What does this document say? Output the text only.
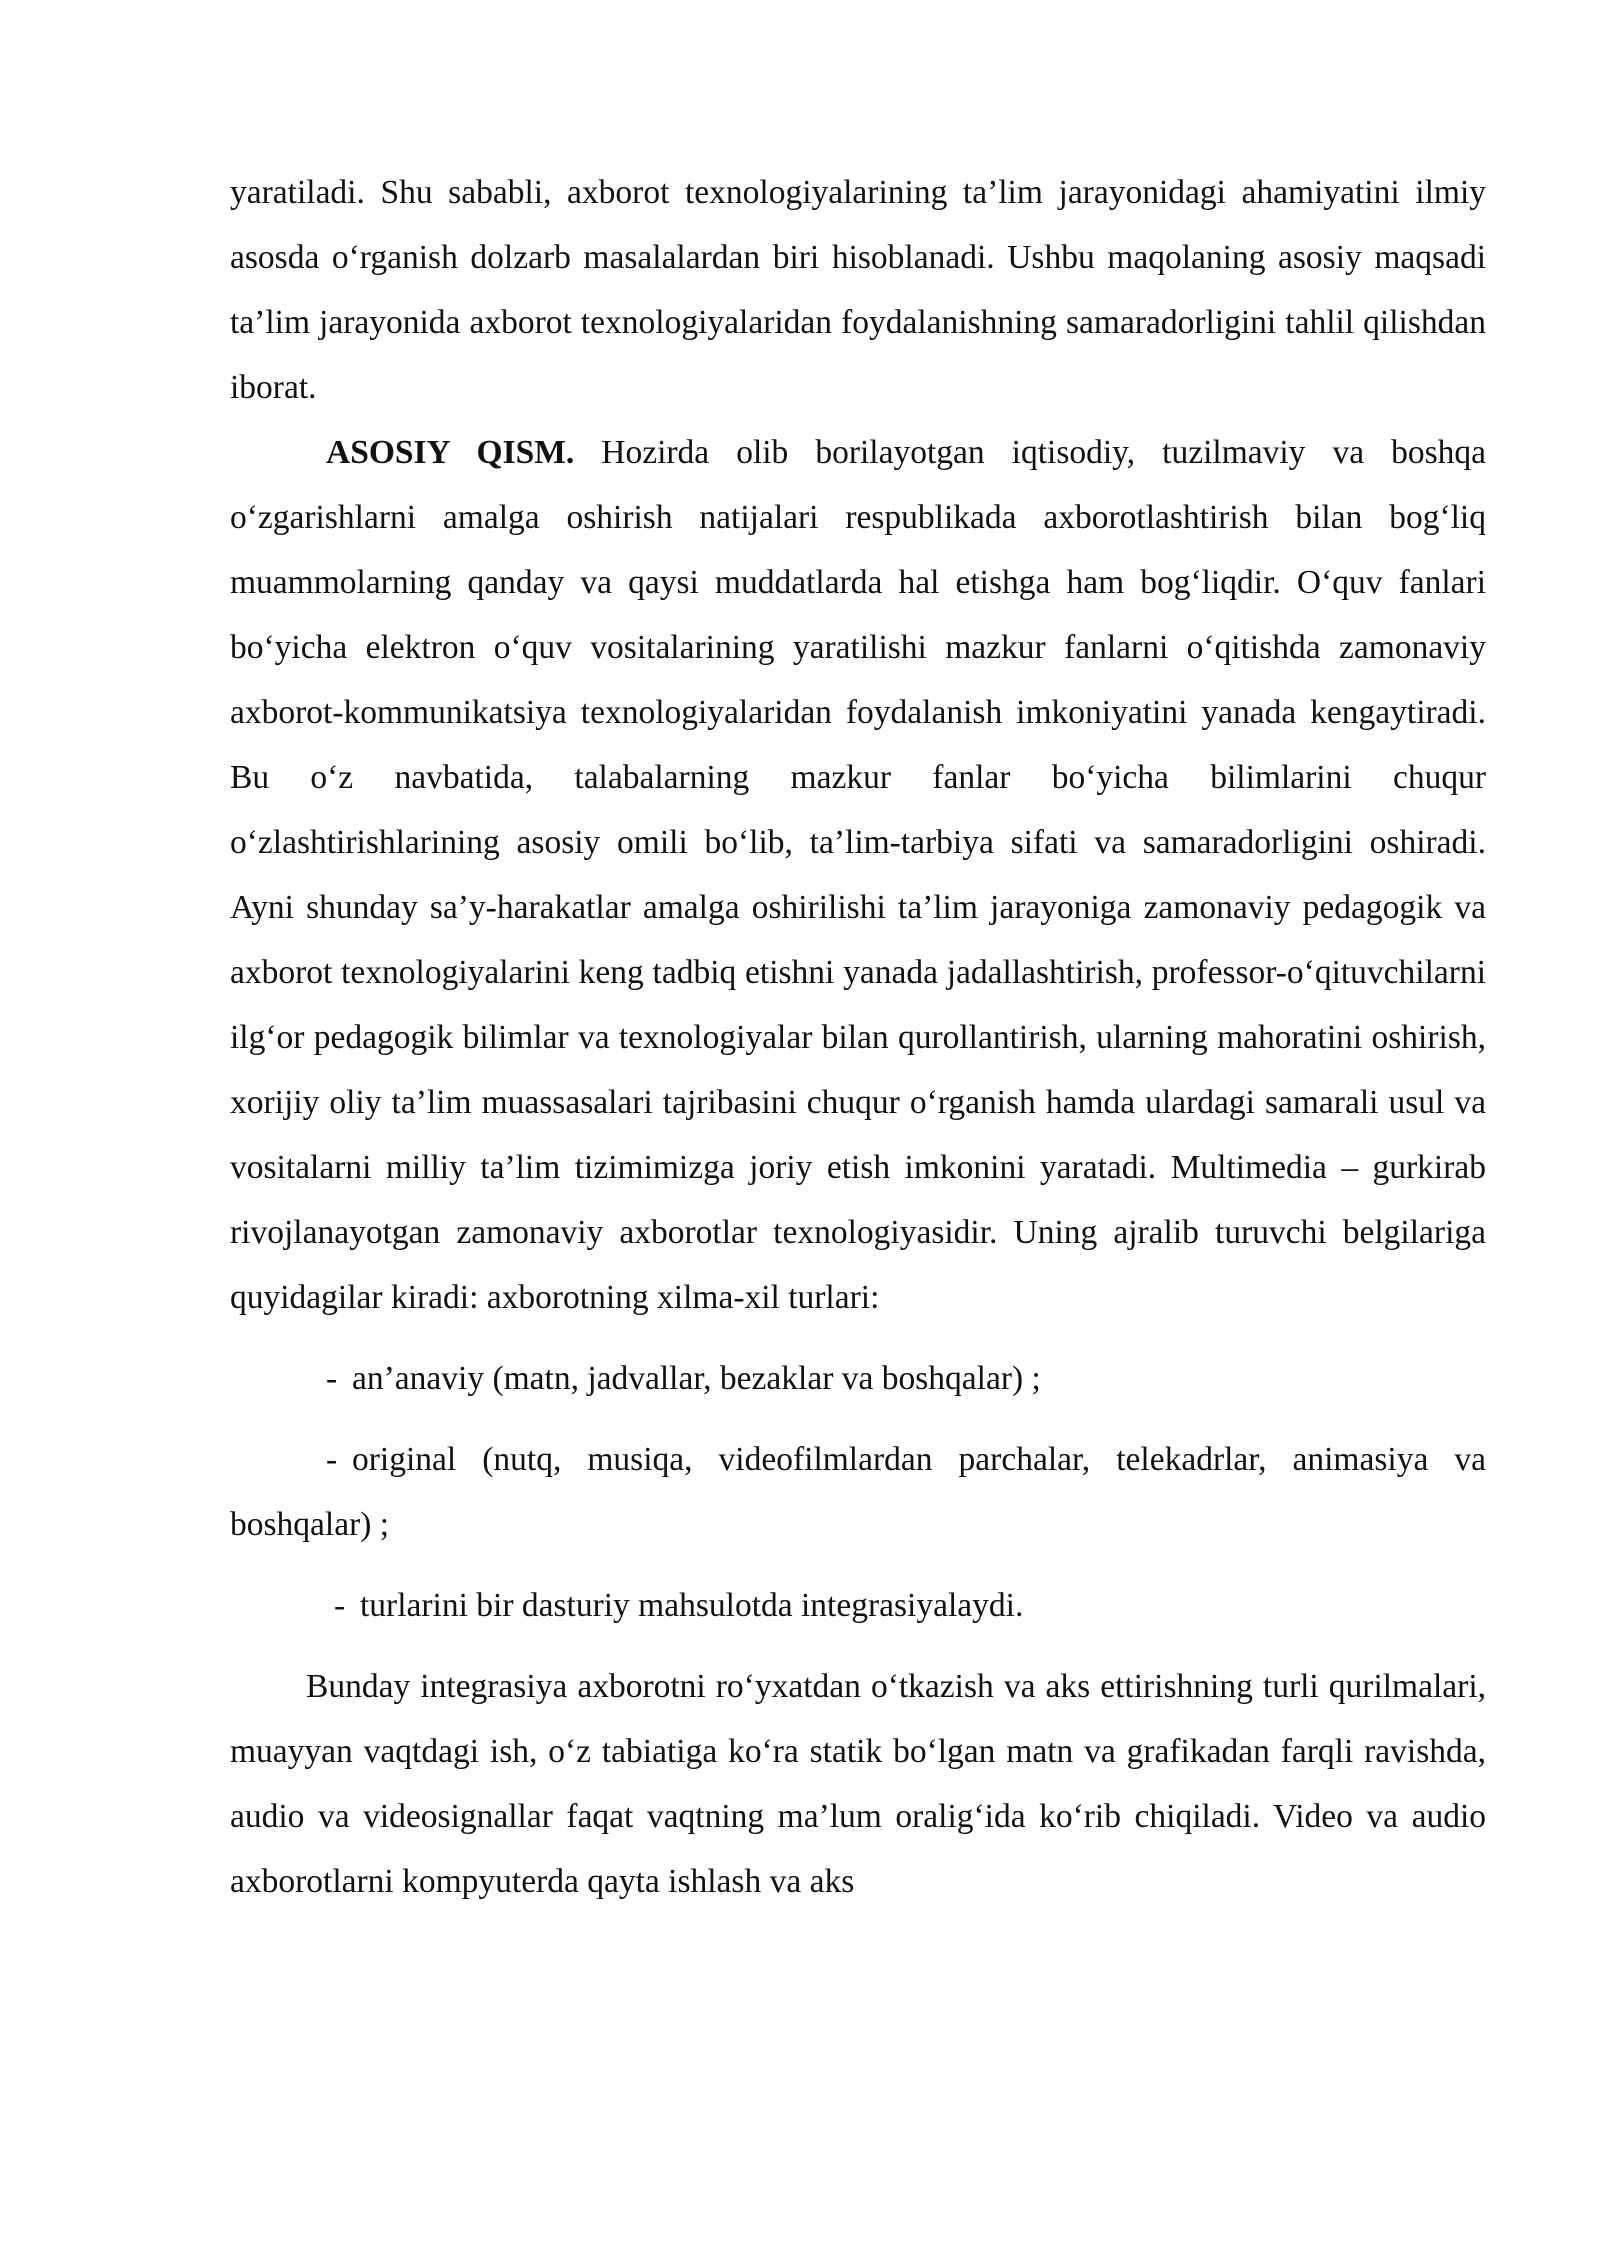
yaratiladi. Shu sababli, axborot texnologiyalarining ta’lim jarayonidagi ahamiyatini ilmiy asosda o‘rganish dolzarb masalalardan biri hisoblanadi. Ushbu maqolaning asosiy maqsadi ta’lim jarayonida axborot texnologiyalaridan foydalanishning samaradorligini tahlil qilishdan iborat.

ASOSIY QISM. Hozirda olib borilayotgan iqtisodiy, tuzilmaviy va boshqa o‘zgarishlarni amalga oshirish natijalari respublikada axborotlashtirish bilan bog‘liq muammolarning qanday va qaysi muddatlarda hal etishga ham bog‘liqdir. O‘quv fanlari bo‘yicha elektron o‘quv vositalarining yaratilishi mazkur fanlarni o‘qitishda zamonaviy axborot-kommunikatsiya texnologiyalaridan foydalanish imkoniyatini yanada kengaytiradi. Bu o‘z navbatida, talabalarning mazkur fanlar bo‘yicha bilimlarini chuqur o‘zlashtirishlarining asosiy omili bo‘lib, ta’lim-tarbiya sifati va samaradorligini oshiradi. Ayni shunday sa’y-harakatlar amalga oshirilishi ta’lim jarayoniga zamonaviy pedagogik va axborot texnologiyalarini keng tadbiq etishni yanada jadallashtirish, professor-o‘qituvchilarni ilg‘or pedagogik bilimlar va texnologiyalar bilan qurollantirish, ularning mahoratini oshirish, xorijiy oliy ta’lim muassasalari tajribasini chuqur o‘rganish hamda ulardagi samarali usul va vositalarni milliy ta’lim tizimimizga joriy etish imkonini yaratadi. Multimedia – gurkirab rivojlanayotgan zamonaviy axborotlar texnologiyasidir. Uning ajralib turuvchi belgilariga quyidagilar kiradi: axborotning xilma-xil turlari:

- an’anaviy (matn, jadvallar, bezaklar va boshqalar) ;

- original (nutq, musiqa, videofilmlardan parchalar, telekadrlar, animasiya va boshqalar) ;

- turlarini bir dasturiy mahsulotda integrasiyalaydi.

Bunday integrasiya axborotni ro‘yxatdan o‘tkazish va aks ettirishning turli qurilmalari, muayyan vaqtdagi ish, o‘z tabiatiga ko‘ra statik bo‘lgan matn va grafikadan farqli ravishda, audio va videosignallar faqat vaqtning ma’lum oralig‘ida ko‘rib chiqiladi. Video va audio axborotlarni kompyuterda qayta ishlash va aks
